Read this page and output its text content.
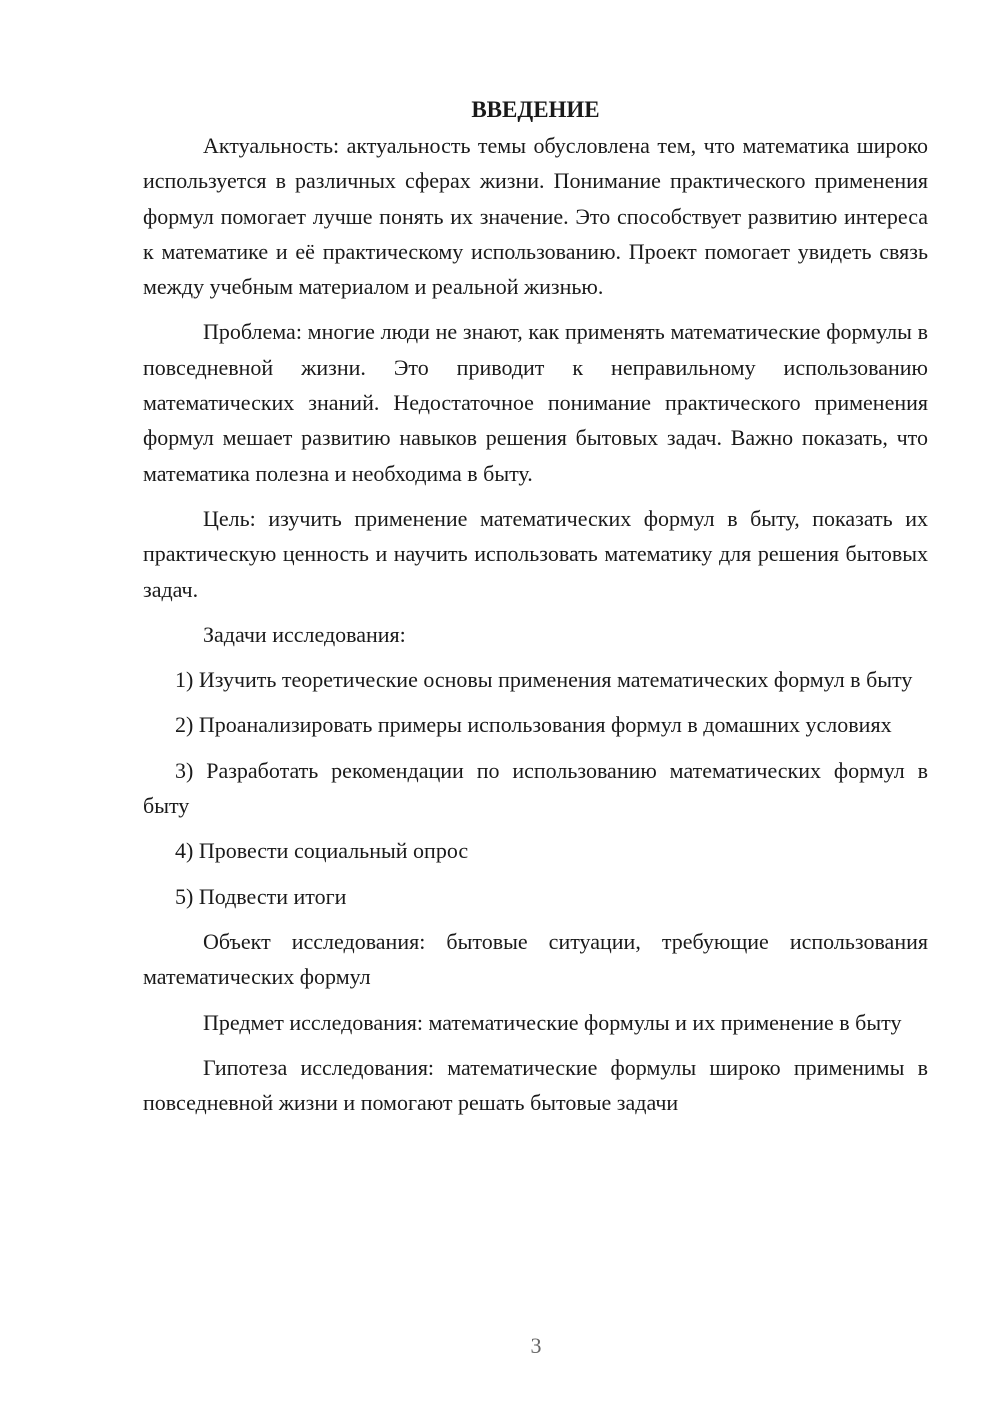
ВВЕДЕНИЕ

Актуальность: актуальность темы обусловлена тем, что математика широко используется в различных сферах жизни. Понимание практического применения формул помогает лучше понять их значение. Это способствует развитию интереса к математике и её практическому использованию. Проект помогает увидеть связь между учебным материалом и реальной жизнью.

Проблема: многие люди не знают, как применять математические формулы в повседневной жизни. Это приводит к неправильному использованию математических знаний. Недостаточное понимание практического применения формул мешает развитию навыков решения бытовых задач. Важно показать, что математика полезна и необходима в быту.

Цель: изучить применение математических формул в быту, показать их практическую ценность и научить использовать математику для решения бытовых задач.

Задачи исследования:

1) Изучить теоретические основы применения математических формул в быту

2) Проанализировать примеры использования формул в домашних условиях

3) Разработать рекомендации по использованию математических формул в быту

4) Провести социальный опрос

5) Подвести итоги

Объект исследования: бытовые ситуации, требующие использования математических формул

Предмет исследования: математические формулы и их применение в быту

Гипотеза исследования: математические формулы широко применимы в повседневной жизни и помогают решать бытовые задачи

3
